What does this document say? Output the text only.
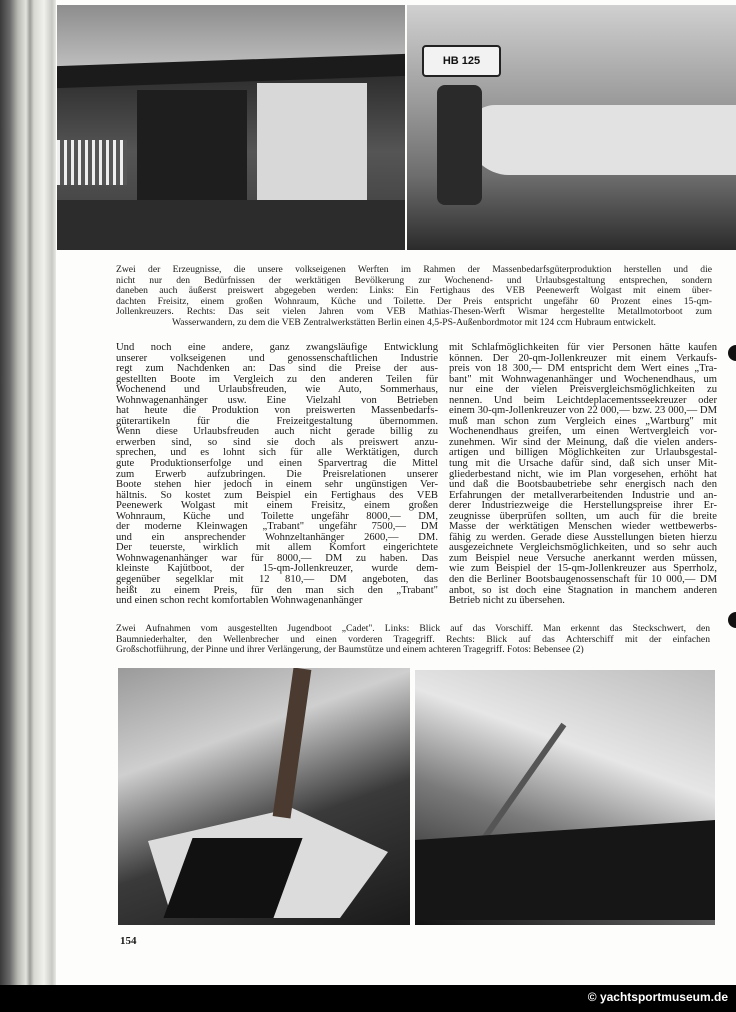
HB 125
Zwei der Erzeugnisse, die unsere volkseigenen Werften im Rahmen der Massenbedarfsgüterproduktion herstellen und die
nicht nur den Bedürfnissen der werktätigen Bevölkerung zur Wochenend- und Urlaubsgestaltung entsprechen, sondern
daneben auch äußerst preiswert abgegeben werden: Links: Ein Fertighaus des VEB Peenewerft Wolgast mit einem über-
dachten Freisitz, einem großen Wohnraum, Küche und Toilette. Der Preis entspricht ungefähr 60 Prozent eines 15-qm-
Jollenkreuzers. Rechts: Das seit vielen Jahren vom VEB Mathias-Thesen-Werft Wismar hergestellte Metallmotorboot zum
Wasserwandern, zu dem die VEB Zentralwerkstätten Berlin einen 4,5-PS-Außenbordmotor mit 124 ccm Hubraum entwickelt.
Und noch eine andere, ganz zwangsläufige Entwicklung
unserer volkseigenen und genossenschaftlichen Industrie
regt zum Nachdenken an: Das sind die Preise der aus-
gestellten Boote im Vergleich zu den anderen Teilen für
Wochenend und Urlaubsfreuden, wie Auto, Sommerhaus,
Wohnwagenanhänger usw. Eine Vielzahl von Betrieben
hat heute die Produktion von preiswerten Massenbedarfs-
güterartikeln für die Freizeitgestaltung übernommen.
Wenn diese Urlaubsfreuden auch nicht gerade billig zu
erwerben sind, so sind sie doch als preiswert anzu-
sprechen, und es lohnt sich für alle Werktätigen, durch
gute Produktionserfolge und einen Sparvertrag die Mittel
zum Erwerb aufzubringen. Die Preisrelationen unserer
Boote stehen hier jedoch in einem sehr ungünstigen Ver-
hältnis. So kostet zum Beispiel ein Fertighaus des VEB
Peenewerk Wolgast mit einem Freisitz, einem großen
Wohnraum, Küche und Toilette ungefähr 8000,— DM,
der moderne Kleinwagen „Trabant" ungefähr 7500,— DM
und ein ansprechender Wohnzeltanhänger 2600,— DM.
Der teuerste, wirklich mit allem Komfort eingerichtete
Wohnwagenanhänger war für 8000,— DM zu haben. Das
kleinste Kajütboot, der 15-qm-Jollenkreuzer, wurde dem-
gegenüber segelklar mit 12 810,— DM angeboten, das
heißt zu einem Preis, für den man sich den „Trabant"
und einen schon recht komfortablen Wohnwagenanhänger
mit Schlafmöglichkeiten für vier Personen hätte kaufen
können. Der 20-qm-Jollenkreuzer mit einem Verkaufs-
preis von 18 300,— DM entspricht dem Wert eines „Tra-
bant" mit Wohnwagenanhänger und Wochenendhaus, um
nur eine der vielen Preisvergleichsmöglichkeiten zu
nennen. Und beim Leichtdeplacementsseekreuzer oder
einem 30-qm-Jollenkreuzer von 22 000,— bzw. 23 000,— DM
muß man schon zum Vergleich eines „Wartburg" mit
Wochenendhaus greifen, um einen Wertvergleich vor-
zunehmen. Wir sind der Meinung, daß die vielen anders-
artigen und billigen Möglichkeiten zur Urlaubsgestal-
tung mit die Ursache dafür sind, daß sich unser Mit-
gliederbestand nicht, wie im Plan vorgesehen, erhöht hat
und daß die Bootsbaubetriebe sehr energisch nach den
Erfahrungen der metallverarbeitenden Industrie und an-
derer Industriezweige die Herstellungspreise ihrer Er-
zeugnisse überprüfen sollten, um auch für die breite
Masse der werktätigen Menschen wieder wettbewerbs-
fähig zu werden. Gerade diese Ausstellungen bieten hierzu
ausgezeichnete Vergleichsmöglichkeiten, und so sehr auch
zum Beispiel neue Versuche anerkannt werden müssen,
wie zum Beispiel der 15-qm-Jollenkreuzer aus Sperrholz,
den die Berliner Bootsbaugenossenschaft für 10 000,— DM
anbot, so ist doch eine Stagnation in manchem anderen
Betrieb nicht zu übersehen.
Zwei Aufnahmen vom ausgestellten Jugendboot „Cadet". Links: Blick auf das Vorschiff. Man erkennt das Steckschwert, den
Baumniederhalter, den Wellenbrecher und einen vorderen Tragegriff. Rechts: Blick auf das Achterschiff mit der einfachen
Großschotführung, der Pinne und ihrer Verlängerung, der Baumstütze und einem achteren Tragegriff. Fotos: Bebensee (2)
154
© yachtsportmuseum.de
